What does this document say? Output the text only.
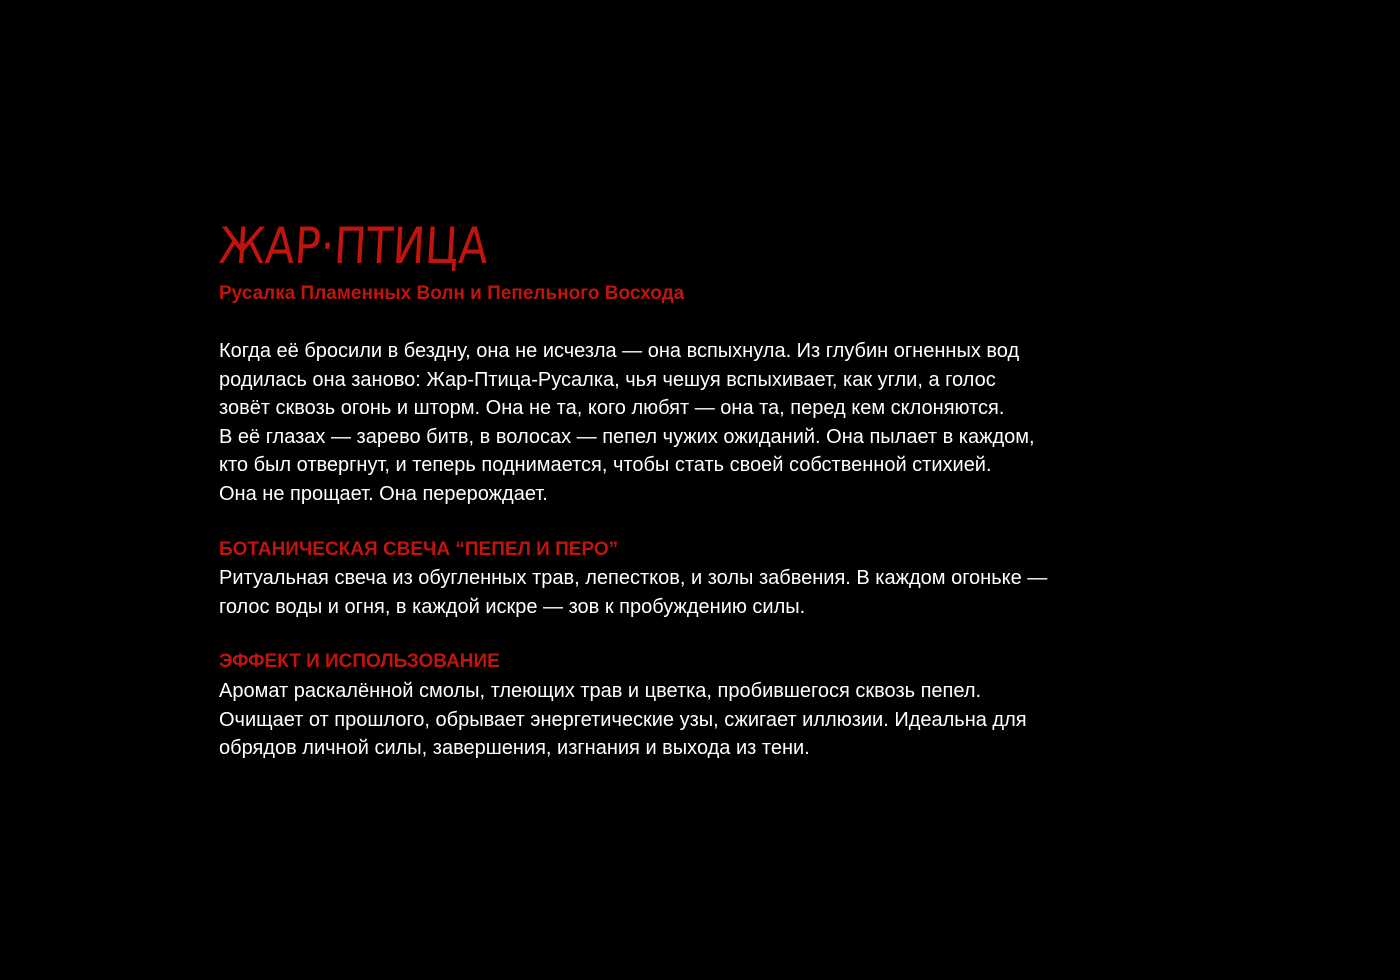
ЖАР·ПТИЦА
Русалка Пламенных Волн и Пепельного Восхода

Когда её бросили в бездну, она не исчезла — она вспыхнула. Из глубин огненных вод
родилась она заново: Жар-Птица-Русалка, чья чешуя вспыхивает, как угли, а голос
зовёт сквозь огонь и шторм. Она не та, кого любят — она та, перед кем склоняются.
В её глазах — зарево битв, в волосах — пепел чужих ожиданий. Она пылает в каждом,
кто был отвергнут, и теперь поднимается, чтобы стать своей собственной стихией.
Она не прощает. Она перерождает.

БОТАНИЧЕСКАЯ СВЕЧА “ПЕПЕЛ И ПЕРО”

Ритуальная свеча из обугленных трав, лепестков, и золы забвения. В каждом огоньке —
голос воды и огня, в каждой искре — зов к пробуждению силы.

ЭФФЕКТ И ИСПОЛЬЗОВАНИЕ

Аромат раскалённой смолы, тлеющих трав и цветка, пробившегося сквозь пепел.
Очищает от прошлого, обрывает энергетические узы, сжигает иллюзии. Идеальна для
обрядов личной силы, завершения, изгнания и выхода из тени.
